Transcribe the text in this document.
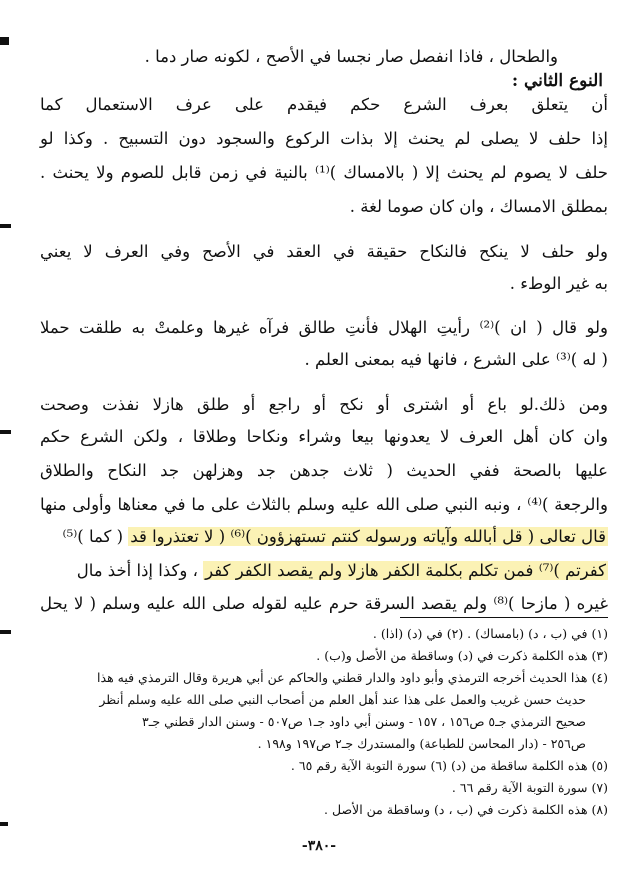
والطحال ، فاذا انفصل صار نجسا في الأصح ، لكونه صار دما .
النوع الثاني :
أن يتعلق بعرف الشرع حكم فيقدم على عرف الاستعمال كما
إذا حلف لا يصلى لم يحنث إلا بذات الركوع والسجود دون التسبيح . وكذا لو
حلف لا يصوم لم يحنث إلا ( بالامساك )⁽¹⁾ بالنية في زمن قابل للصوم ولا يحنث .
بمطلق الامساك ، وان كان صوما لغة .
ولو حلف لا ينكح فالنكاح حقيقة في العقد في الأصح وفي العرف لا يعني
به غير الوطء .
ولو قال ( ان )⁽²⁾ رأيتِ الهلال فأنتِ طالق فرآه غيرها وعلمتْ به طلقت حملا
( له )⁽³⁾ على الشرع ، فانها فيه بمعنى العلم .
ومن ذلك.لو باع أو اشترى أو نكح أو راجع أو طلق هازلا نفذت وصحت
وان كان أهل العرف لا يعدونها بيعا وشراء ونكاحا وطلاقا ، ولكن الشرع حكم
عليها بالصحة ففي الحديث ( ثلاث جدهن جد وهزلهن جد النكاح والطلاق
والرجعة )⁽⁴⁾ ، ونبه النبي صلى الله عليه وسلم بالثلاث على ما في معناها وأولى منها
قال تعالى ( قل أبالله وآياته ورسوله كنتم تستهزؤون )⁽⁶⁾ ( لا تعتذروا قد ( كما )⁽⁵⁾
كفرتم )⁽⁷⁾ فمن تكلم بكلمة الكفر هازلا ولم يقصد الكفر كفر ، وكذا إذا أخذ مال
غيره ( مازحا )⁽⁸⁾ ولم يقصد السرقة حرم عليه لقوله صلى الله عليه وسلم ( لا يحل
(١) في (ب ، د) (بامساك) . (٢) في (د) (اذا) .
(٣) هذه الكلمة ذكرت في (د) وساقطة من الأصل و(ب) .
(٤) هذا الحديث أخرجه الترمذي وأبو داود والدار قطني والحاكم عن أبي هريرة وقال الترمذي فيه هذا
حديث حسن غريب والعمل على هذا عند أهل العلم من أصحاب النبي صلى الله عليه وسلم أنظر
صحيح الترمذي جـ٥ ص١٥٦ ، ١٥٧ - وسنن أبي داود جـ١ ص٥٠٧ - وسنن الدار قطني جـ٣
ص٢٥٦ - (دار المحاسن للطباعة) والمستدرك جـ٢ ص١٩٧ و١٩٨ .
(٥) هذه الكلمة ساقطة من (د) (٦) سورة التوبة الآية رقم ٦٥ .
(٧) سورة التوبة الآية رقم ٦٦ .
(٨) هذه الكلمة ذكرت في (ب ، د) وساقطة من الأصل .
-٣٨٠-
